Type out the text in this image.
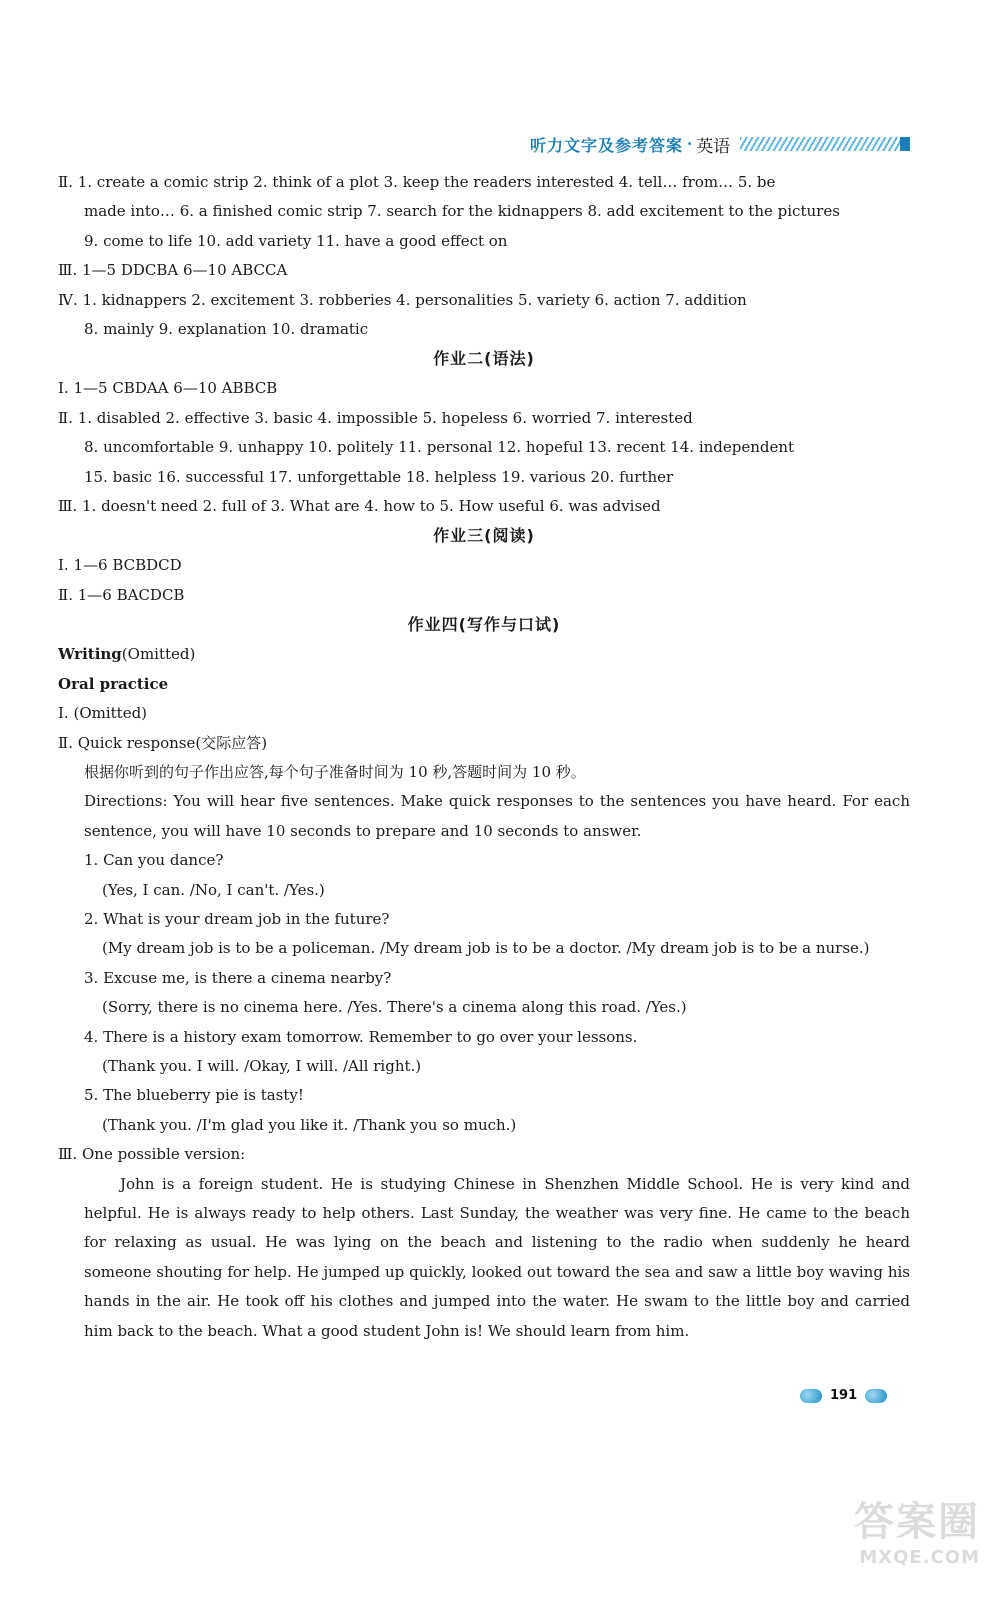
听力文字及参考答案 · 英语
Ⅱ. 1. create a comic strip 2. think of a plot 3. keep the readers interested 4. tell… from… 5. be
made into… 6. a finished comic strip 7. search for the kidnappers 8. add excitement to the pictures
9. come to life 10. add variety 11. have a good effect on
Ⅲ. 1—5 DDCBA 6—10 ABCCA
Ⅳ. 1. kidnappers 2. excitement 3. robberies 4. personalities 5. variety 6. action 7. addition
8. mainly 9. explanation 10. dramatic
作业二(语法)
Ⅰ. 1—5 CBDAA 6—10 ABBCB
Ⅱ. 1. disabled 2. effective 3. basic 4. impossible 5. hopeless 6. worried 7. interested
8. uncomfortable 9. unhappy 10. politely 11. personal 12. hopeful 13. recent 14. independent
15. basic 16. successful 17. unforgettable 18. helpless 19. various 20. further
Ⅲ. 1. doesn't need 2. full of 3. What are 4. how to 5. How useful 6. was advised
作业三(阅读)
Ⅰ. 1—6 BCBDCD
Ⅱ. 1—6 BACDCB
作业四(写作与口试)
Writing(Omitted)
Oral practice
Ⅰ. (Omitted)
Ⅱ. Quick response(交际应答)
根据你听到的句子作出应答,每个句子准备时间为 10 秒,答题时间为 10 秒。
Directions: You will hear five sentences. Make quick responses to the sentences you have heard. For each sentence, you will have 10 seconds to prepare and 10 seconds to answer.
1. Can you dance?
(Yes, I can. /No, I can't. /Yes.)
2. What is your dream job in the future?
(My dream job is to be a policeman. /My dream job is to be a doctor. /My dream job is to be a nurse.)
3. Excuse me, is there a cinema nearby?
(Sorry, there is no cinema here. /Yes. There's a cinema along this road. /Yes.)
4. There is a history exam tomorrow. Remember to go over your lessons.
(Thank you. I will. /Okay, I will. /All right.)
5. The blueberry pie is tasty!
(Thank you. /I'm glad you like it. /Thank you so much.)
Ⅲ. One possible version:
John is a foreign student. He is studying Chinese in Shenzhen Middle School. He is very kind and helpful. He is always ready to help others. Last Sunday, the weather was very fine. He came to the beach for relaxing as usual. He was lying on the beach and listening to the radio when suddenly he heard someone shouting for help. He jumped up quickly, looked out toward the sea and saw a little boy waving his hands in the air. He took off his clothes and jumped into the water. He swam to the little boy and carried him back to the beach. What a good student John is! We should learn from him.
191
答案圈
MXQE.COM
